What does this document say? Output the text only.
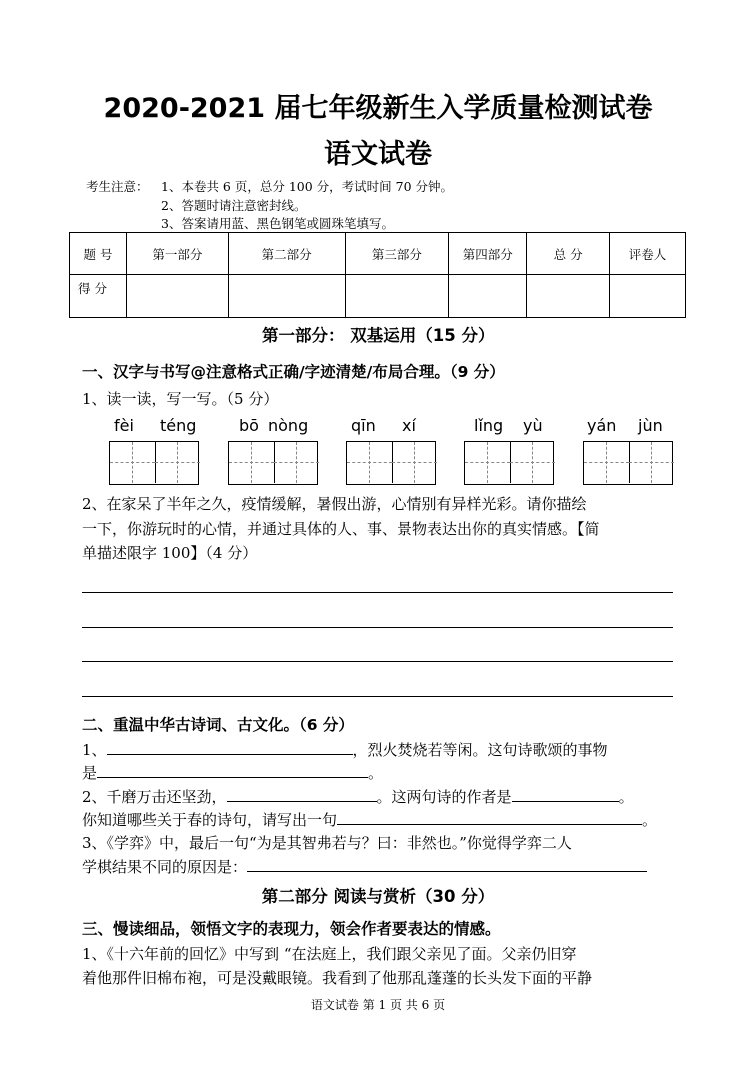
2020-2021 届七年级新生入学质量检测试卷
语文试卷
考生注意： 1、本卷共 6 页，总分 100 分，考试时间 70 分钟。
2、答题时请注意密封线。
3、答案请用蓝、黑色钢笔或圆珠笔填写。
题 号	第一部分	第二部分	第三部分	第四部分	总 分	评卷人
得 分						
第一部分： 双基运用（15 分）
一、汉字与书写@注意格式正确/字迹清楚/布局合理。（9 分）
1、读一读，写一写。（5 分）
fèi téng	bō nòng	qīn xí	lǐng yù	yán jùn
2、在家呆了半年之久，疫情缓解，暑假出游，心情别有异样光彩。请你描绘
一下，你游玩时的心情，并通过具体的人、事、景物表达出你的真实情感。【简
单描述限字 100】（4 分）
二、重温中华古诗词、古文化。（6 分）
1、	，烈火焚烧若等闲。这句诗歌颂的事物
是	。
2、千磨万击还坚劲，	。这两句诗的作者是	。
你知道哪些关于春的诗句，请写出一句	。
3、《学弈》中，最后一句“为是其智弗若与？曰：非然也。”你觉得学弈二人
学棋结果不同的原因是：
第二部分 阅读与赏析（30 分）
三、慢读细品，领悟文字的表现力，领会作者要表达的情感。
1、《十六年前的回忆》中写到 “在法庭上，我们跟父亲见了面。父亲仍旧穿
着他那件旧棉布袍，可是没戴眼镜。我看到了他那乱蓬蓬的长头发下面的平静
语文试卷 第 1 页 共 6 页
